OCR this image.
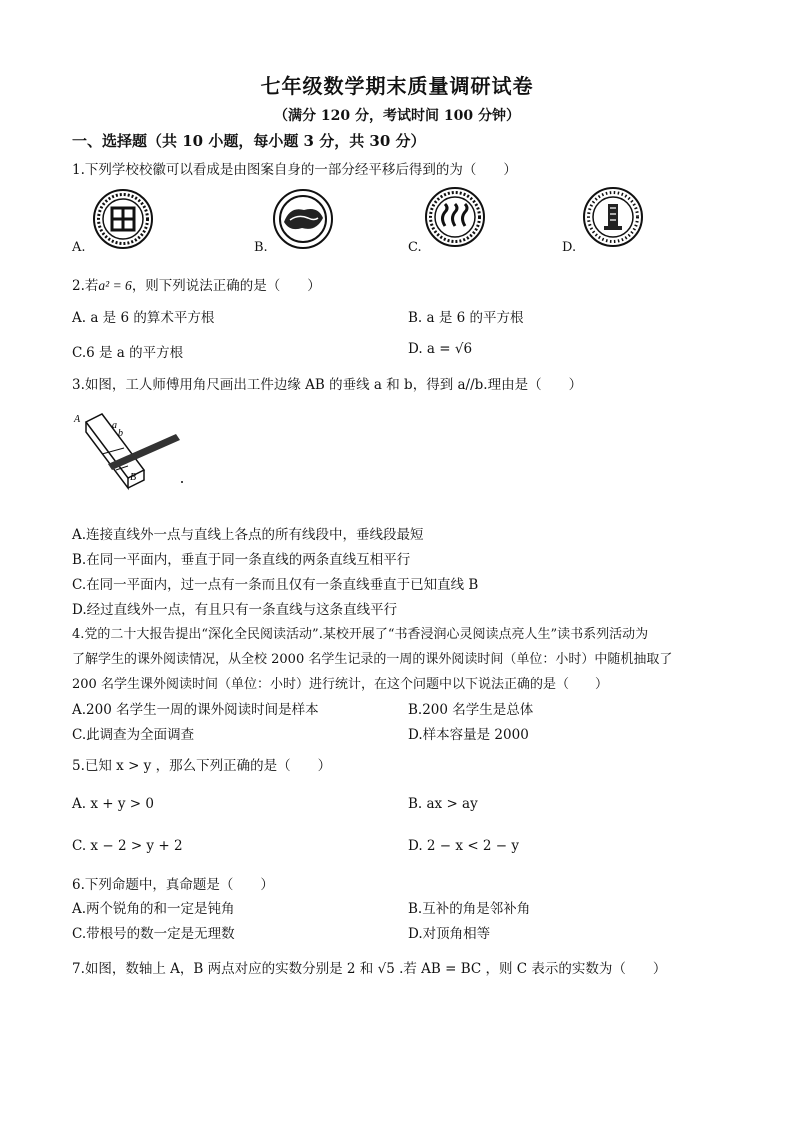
七年级数学期末质量调研试卷
（满分 120 分，考试时间 100 分钟）
一、选择题（共 10 小题，每小题 3 分，共 30 分）
1.下列学校校徽可以看成是由图案自身的一部分经平移后得到的为（　　）
A.	B.	C.	D.
2.若a² = 6，则下列说法正确的是（　　）
A. a 是 6 的算术平方根	B. a 是 6 的平方根
C.6 是 a 的平方根	D. a = √6
3.如图，工人师傅用角尺画出工件边缘 AB 的垂线 a 和 b，得到 a//b.理由是（　　）
A
a
b
B
A.连接直线外一点与直线上各点的所有线段中，垂线段最短
B.在同一平面内，垂直于同一条直线的两条直线互相平行
C.在同一平面内，过一点有一条而且仅有一条直线垂直于已知直线 B
D.经过直线外一点，有且只有一条直线与这条直线平行
4.党的二十大报告提出“深化全民阅读活动”.某校开展了“书香浸润心灵阅读点亮人生”读书系列活动为
了解学生的课外阅读情况，从全校 2000 名学生记录的一周的课外阅读时间（单位：小时）中随机抽取了
200 名学生课外阅读时间（单位：小时）进行统计，在这个问题中以下说法正确的是（　　）
A.200 名学生一周的课外阅读时间是样本	B.200 名学生是总体
C.此调查为全面调查	D.样本容量是 2000
5.已知 x > y ，那么下列正确的是（　　）
A. x + y > 0	B. ax > ay
C. x − 2 > y + 2	D. 2 − x < 2 − y
6.下列命题中，真命题是（　　）
A.两个锐角的和一定是钝角	B.互补的角是邻补角
C.带根号的数一定是无理数	D.对顶角相等
7.如图，数轴上 A，B 两点对应的实数分别是 2 和 √5 .若 AB = BC ，则 C 表示的实数为（　　）
